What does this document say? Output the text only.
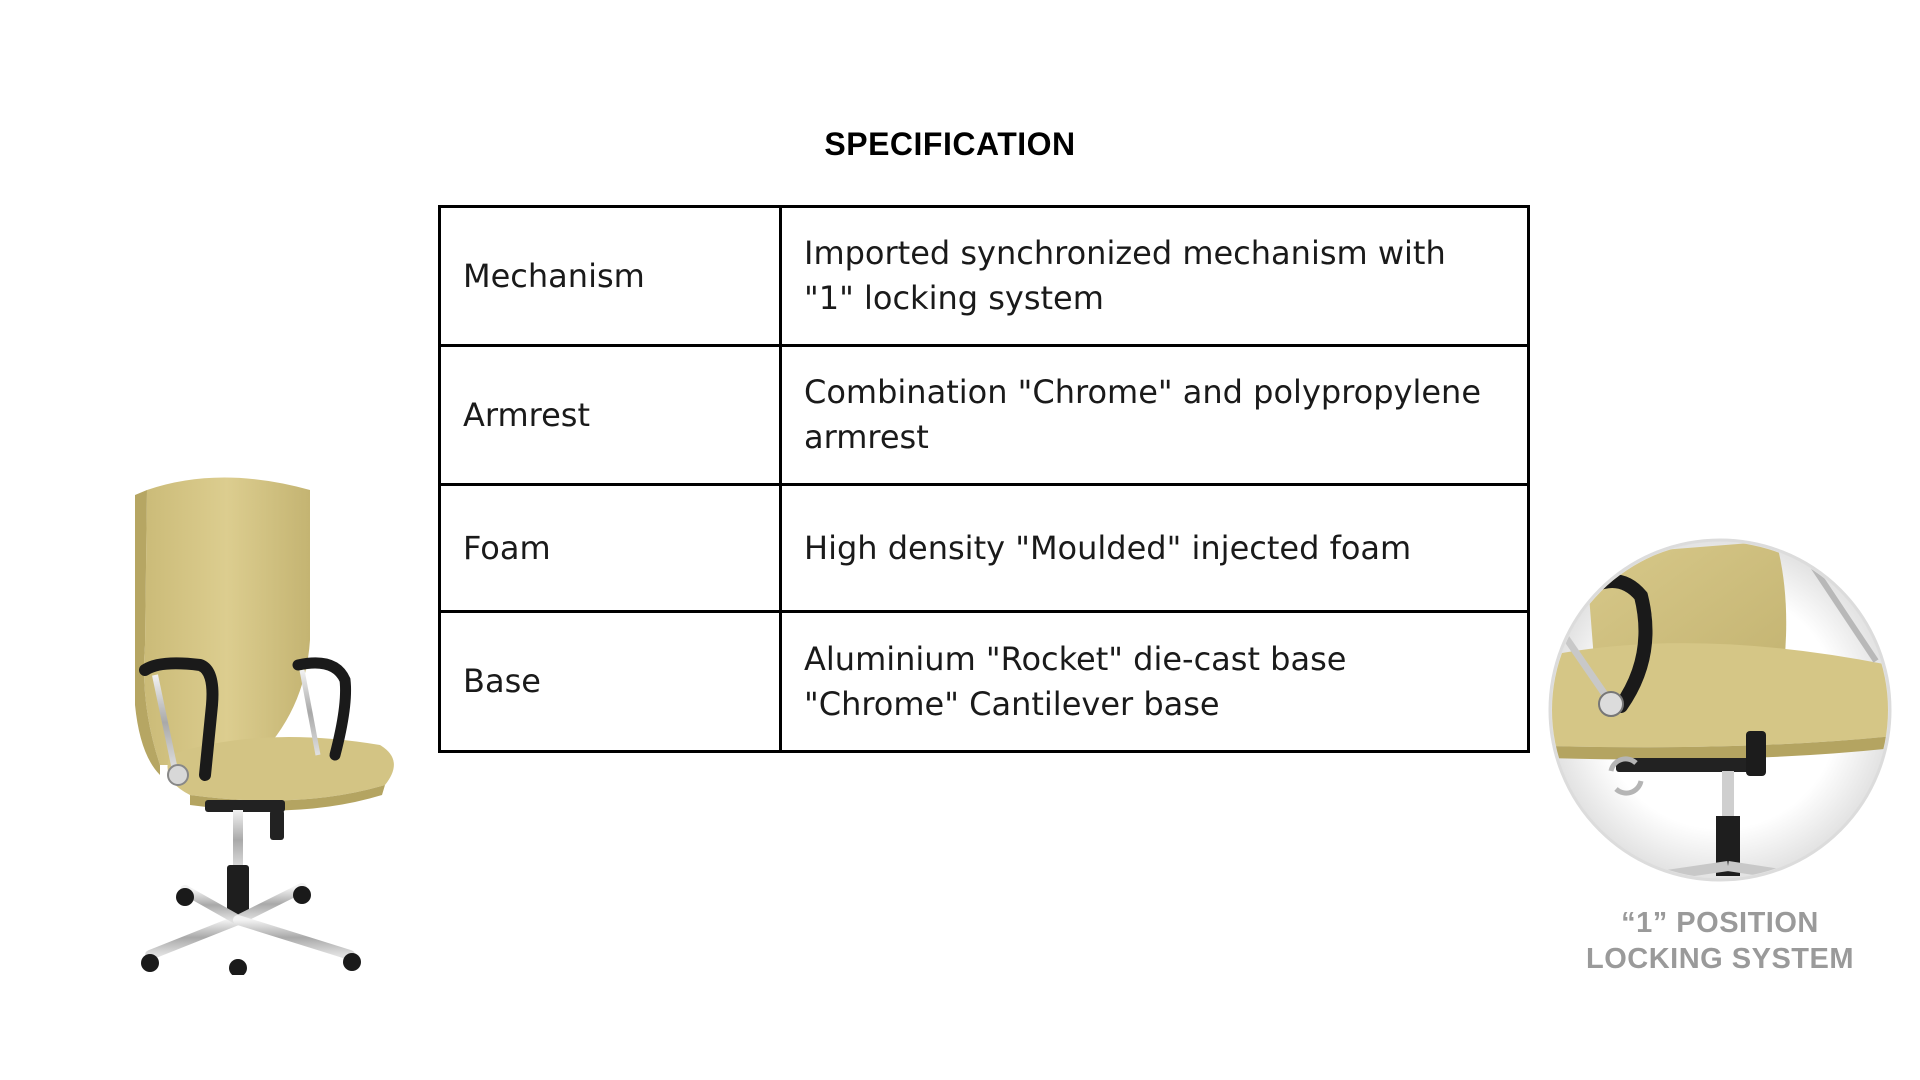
SPECIFICATION
Mechanism	Imported synchronized mechanism with "1" locking system
Armrest	Combination "Chrome" and polypropylene armrest
Foam	High density "Moulded" injected foam
Base	Aluminium "Rocket" die-cast base "Chrome" Cantilever base
“1” POSITION
LOCKING SYSTEM
